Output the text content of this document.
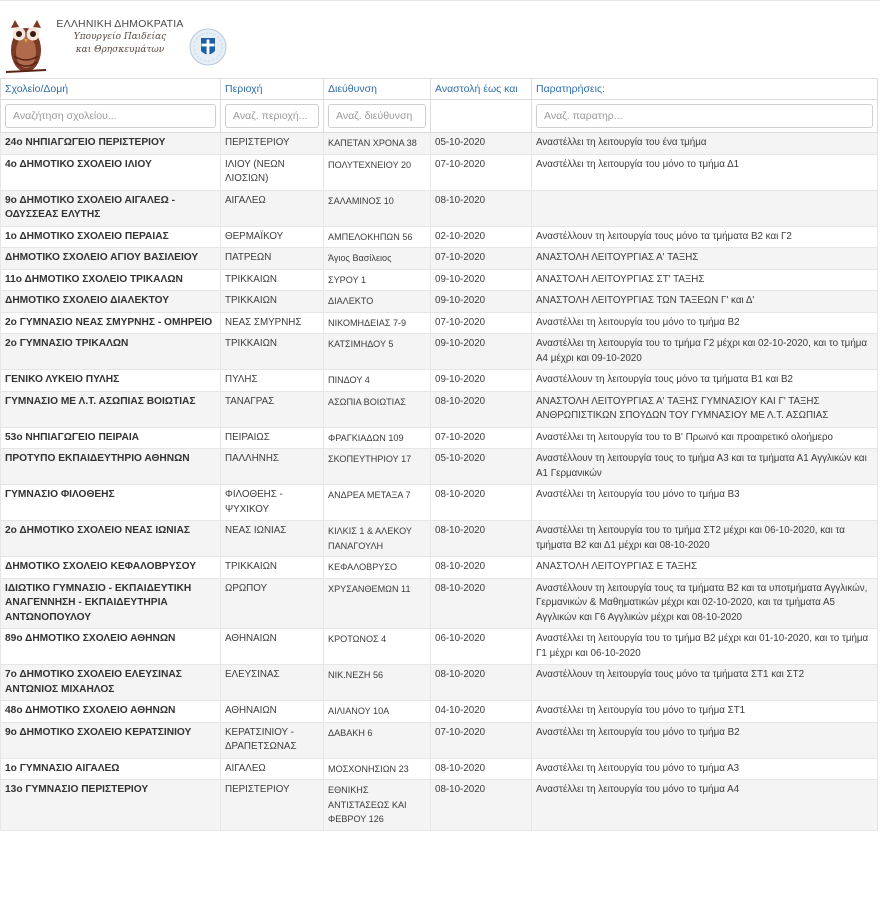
ΕΛΛΗΝΙΚΗ ΔΗΜΟΚΡΑΤΙΑ
Υπουργείο Παιδείας
και Θρησκευμάτων
Σχολείο/Δομή	Περιοχή	Διεύθυνση	Αναστολή έως και	Παρατηρήσεις:
Αναζήτηση σχολείου...	Αναζ. περιοχή...	Αναζ. διεύθυνση		Αναζ. παρατηρ...
24ο ΝΗΠΙΑΓΩΓΕΙΟ ΠΕΡΙΣΤΕΡΙΟΥ	ΠΕΡΙΣΤΕΡΙΟΥ	ΚΑΠΕΤΑΝ ΧΡΟΝΑ 38	05-10-2020	Αναστέλλει τη λειτουργία του ένα τμήμα
4ο ΔΗΜΟΤΙΚΟ ΣΧΟΛΕΙΟ ΙΛΙΟΥ	ΙΛΙΟΥ (ΝΕΩΝ ΛΙΟΣΙΩΝ)	ΠΟΛΥΤΕΧΝΕΙΟΥ 20	07-10-2020	Αναστέλλει τη λειτουργία του μόνο το τμήμα Δ1
9ο ΔΗΜΟΤΙΚΟ ΣΧΟΛΕΙΟ ΑΙΓΑΛΕΩ - ΟΔΥΣΣΕΑΣ ΕΛΥΤΗΣ	ΑΙΓΑΛΕΩ	ΣΑΛΑΜΙΝΟΣ 10	08-10-2020	
1ο ΔΗΜΟΤΙΚΟ ΣΧΟΛΕΙΟ ΠΕΡΑΙΑΣ	ΘΕΡΜΑΪΚΟΥ	ΑΜΠΕΛΟΚΗΠΩΝ 56	02-10-2020	Αναστέλλουν τη λειτουργία τους μόνο τα τμήματα Β2 και Γ2
ΔΗΜΟΤΙΚΟ ΣΧΟΛΕΙΟ ΑΓΙΟΥ ΒΑΣΙΛΕΙΟΥ	ΠΑΤΡΕΩΝ	Άγιος Βασίλειος	07-10-2020	ΑΝΑΣΤΟΛΗ ΛΕΙΤΟΥΡΓΙΑΣ Α' ΤΑΞΗΣ
11ο ΔΗΜΟΤΙΚΟ ΣΧΟΛΕΙΟ ΤΡΙΚΑΛΩΝ	ΤΡΙΚΚΑΙΩΝ	ΣΥΡΟΥ 1	09-10-2020	ΑΝΑΣΤΟΛΗ ΛΕΙΤΟΥΡΓΙΑΣ ΣΤ' ΤΑΞΗΣ
ΔΗΜΟΤΙΚΟ ΣΧΟΛΕΙΟ ΔΙΑΛΕΚΤΟΥ	ΤΡΙΚΚΑΙΩΝ	ΔΙΑΛΕΚΤΟ	09-10-2020	ΑΝΑΣΤΟΛΗ ΛΕΙΤΟΥΡΓΙΑΣ ΤΩΝ ΤΑΞΕΩΝ Γ' και Δ'
2ο ΓΥΜΝΑΣΙΟ ΝΕΑΣ ΣΜΥΡΝΗΣ - ΟΜΗΡΕΙΟ	ΝΕΑΣ ΣΜΥΡΝΗΣ	ΝΙΚΟΜΗΔΕΙΑΣ 7-9	07-10-2020	Αναστέλλει τη λειτουργία του μόνο το τμήμα Β2
2ο ΓΥΜΝΑΣΙΟ ΤΡΙΚΑΛΩΝ	ΤΡΙΚΚΑΙΩΝ	ΚΑΤΣΙΜΗΔΟΥ 5	09-10-2020	Αναστέλλει τη λειτουργία του το τμήμα Γ2 μέχρι και 02-10-2020, και το τμήμα Α4 μέχρι και 09-10-2020
ΓΕΝΙΚΟ ΛΥΚΕΙΟ ΠΥΛΗΣ	ΠΥΛΗΣ	ΠΙΝΔΟΥ 4	09-10-2020	Αναστέλλουν τη λειτουργία τους μόνο τα τμήματα Β1 και Β2
ΓΥΜΝΑΣΙΟ ΜΕ Λ.Τ. ΑΣΩΠΙΑΣ ΒΟΙΩΤΙΑΣ	ΤΑΝΑΓΡΑΣ	ΑΣΩΠΙΑ ΒΟΙΩΤΙΑΣ	08-10-2020	ΑΝΑΣΤΟΛΗ ΛΕΙΤΟΥΡΓΙΑΣ Α' ΤΑΞΗΣ ΓΥΜΝΑΣΙΟΥ ΚΑΙ Γ' ΤΑΞΗΣ ΑΝΘΡΩΠΙΣΤΙΚΩΝ ΣΠΟΥΔΩΝ ΤΟΥ ΓΥΜΝΑΣΙΟΥ ΜΕ Λ.Τ. ΑΣΩΠΙΑΣ
53ο ΝΗΠΙΑΓΩΓΕΙΟ ΠΕΙΡΑΙΑ	ΠΕΙΡΑΙΩΣ	ΦΡΑΓΚΙΑΔΩΝ 109	07-10-2020	Αναστέλλει τη λειτουργία του το Β' Πρωινό και προαιρετικό ολοήμερο
ΠΡΟΤΥΠΟ ΕΚΠΑΙΔΕΥΤΗΡΙΟ ΑΘΗΝΩΝ	ΠΑΛΛΗΝΗΣ	ΣΚΟΠΕΥΤΗΡΙΟΥ 17	05-10-2020	Αναστέλλουν τη λειτουργία τους το τμήμα Α3 και τα τμήματα Α1 Αγγλικών και Α1 Γερμανικών
ΓΥΜΝΑΣΙΟ ΦΙΛΟΘΕΗΣ	ΦΙΛΟΘΕΗΣ - ΨΥΧΙΚΟΥ	ΑΝΔΡΕΑ ΜΕΤΑΞΑ 7	08-10-2020	Αναστέλλει τη λειτουργία του μόνο το τμήμα Β3
2ο ΔΗΜΟΤΙΚΟ ΣΧΟΛΕΙΟ ΝΕΑΣ ΙΩΝΙΑΣ	ΝΕΑΣ ΙΩΝΙΑΣ	ΚΙΛΚΙΣ 1 & ΑΛΕΚΟΥ ΠΑΝΑΓΟΥΛΗ	08-10-2020	Αναστέλλει τη λειτουργία του το τμήμα ΣΤ2 μέχρι και 06-10-2020, και τα τμήματα Β2 και Δ1 μέχρι και 08-10-2020
ΔΗΜΟΤΙΚΟ ΣΧΟΛΕΙΟ ΚΕΦΑΛΟΒΡΥΣΟΥ	ΤΡΙΚΚΑΙΩΝ	ΚΕΦΑΛΟΒΡΥΣΟ	08-10-2020	ΑΝΑΣΤΟΛΗ ΛΕΙΤΟΥΡΓΙΑΣ Ε ΤΑΞΗΣ
ΙΔΙΩΤΙΚΟ ΓΥΜΝΑΣΙΟ - ΕΚΠΑΙΔΕΥΤΙΚΗ ΑΝΑΓΕΝΝΗΣΗ - ΕΚΠΑΙΔΕΥΤΗΡΙΑ ΑΝΤΩΝΟΠΟΥΛΟΥ	ΩΡΩΠΟΥ	ΧΡΥΣΑΝΘΕΜΩΝ 11	08-10-2020	Αναστέλλουν τη λειτουργία τους τα τμήματα Β2 και τα υποτμήματα Αγγλικών, Γερμανικών & Μαθηματικών μέχρι και 02-10-2020, και τα τμήματα Α5 Αγγλικών και Γ6 Αγγλικών μέχρι και 08-10-2020
89ο ΔΗΜΟΤΙΚΟ ΣΧΟΛΕΙΟ ΑΘΗΝΩΝ	ΑΘΗΝΑΙΩΝ	ΚΡΟΤΩΝΟΣ 4	06-10-2020	Αναστέλλει τη λειτουργία του το τμήμα Β2 μέχρι και 01-10-2020, και το τμήμα Γ1 μέχρι και 06-10-2020
7ο ΔΗΜΟΤΙΚΟ ΣΧΟΛΕΙΟ ΕΛΕΥΣΙΝΑΣ ΑΝΤΩΝΙΟΣ ΜΙΧΑΗΛΟΣ	ΕΛΕΥΣΙΝΑΣ	ΝΙΚ.ΝΕΖΗ 56	08-10-2020	Αναστέλλουν τη λειτουργία τους μόνο τα τμήματα ΣΤ1 και ΣΤ2
48ο ΔΗΜΟΤΙΚΟ ΣΧΟΛΕΙΟ ΑΘΗΝΩΝ	ΑΘΗΝΑΙΩΝ	ΑΙΛΙΑΝΟΥ 10Α	04-10-2020	Αναστέλλει τη λειτουργία του μόνο το τμήμα ΣΤ1
9ο ΔΗΜΟΤΙΚΟ ΣΧΟΛΕΙΟ ΚΕΡΑΤΣΙΝΙΟΥ	ΚΕΡΑΤΣΙΝΙΟΥ - ΔΡΑΠΕΤΣΩΝΑΣ	ΔΑΒΑΚΗ 6	07-10-2020	Αναστέλλει τη λειτουργία του μόνο το τμήμα Β2
1ο ΓΥΜΝΑΣΙΟ ΑΙΓΑΛΕΩ	ΑΙΓΑΛΕΩ	ΜΟΣΧΟΝΗΣΙΩΝ 23	08-10-2020	Αναστέλλει τη λειτουργία του μόνο το τμήμα Α3
13ο ΓΥΜΝΑΣΙΟ ΠΕΡΙΣΤΕΡΙΟΥ	ΠΕΡΙΣΤΕΡΙΟΥ	ΕΘΝΙΚΗΣ ΑΝΤΙΣΤΑΣΕΩΣ ΚΑΙ ΦΕΒΡΟΥ 126	08-10-2020	Αναστέλλει τη λειτουργία του μόνο το τμήμα Α4
